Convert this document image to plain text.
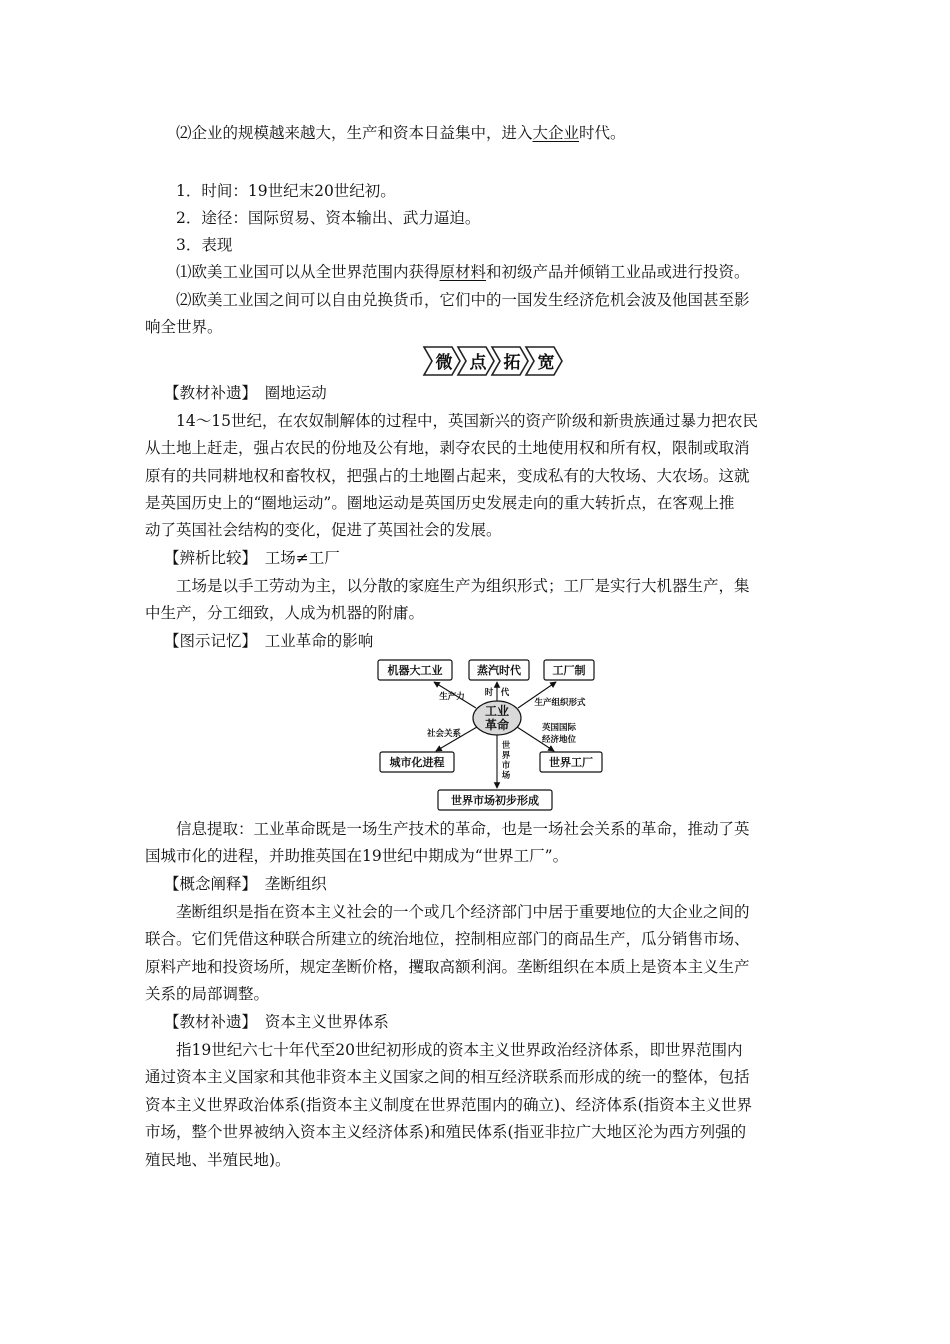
⑵企业的规模越来越大，生产和资本日益集中，进入大企业时代。
1．时间：19世纪末20世纪初。
2．途径：国际贸易、资本输出、武力逼迫。
3．表现
⑴欧美工业国可以从全世界范围内获得原材料和初级产品并倾销工业品或进行投资。
⑵欧美工业国之间可以自由兑换货币，它们中的一国发生经济危机会波及他国甚至影
响全世界。
微 点 拓 宽
【教材补遗】　圈地运动
14～15世纪，在农奴制解体的过程中，英国新兴的资产阶级和新贵族通过暴力把农民
从土地上赶走，强占农民的份地及公有地，剥夺农民的土地使用权和所有权，限制或取消
原有的共同耕地权和畜牧权，把强占的土地圈占起来，变成私有的大牧场、大农场。这就
是英国历史上的“圈地运动”。圈地运动是英国历史发展走向的重大转折点，在客观上推
动了英国社会结构的变化，促进了英国社会的发展。
【辨析比较】　工场≠工厂
工场是以手工劳动为主，以分散的家庭生产为组织形式；工厂是实行大机器生产，集
中生产，分工细致，人成为机器的附庸。
【图示记忆】　工业革命的影响
机器大工业	蒸汽时代	工厂制
城市化进程	世界工厂
世界市场初步形成
工业
革命
生产力 时 代
生产组织形式
社会关系
英国国际
经济地位
世
界
市
场
信息提取：工业革命既是一场生产技术的革命，也是一场社会关系的革命，推动了英
国城市化的进程，并助推英国在19世纪中期成为“世界工厂”。
【概念阐释】　垄断组织
垄断组织是指在资本主义社会的一个或几个经济部门中居于重要地位的大企业之间的
联合。它们凭借这种联合所建立的统治地位，控制相应部门的商品生产，瓜分销售市场、
原料产地和投资场所，规定垄断价格，攫取高额利润。垄断组织在本质上是资本主义生产
关系的局部调整。
【教材补遗】　资本主义世界体系
指19世纪六七十年代至20世纪初形成的资本主义世界政治经济体系，即世界范围内
通过资本主义国家和其他非资本主义国家之间的相互经济联系而形成的统一的整体，包括
资本主义世界政治体系(指资本主义制度在世界范围内的确立)、经济体系(指资本主义世界
市场，整个世界被纳入资本主义经济体系)和殖民体系(指亚非拉广大地区沦为西方列强的
殖民地、半殖民地)。
